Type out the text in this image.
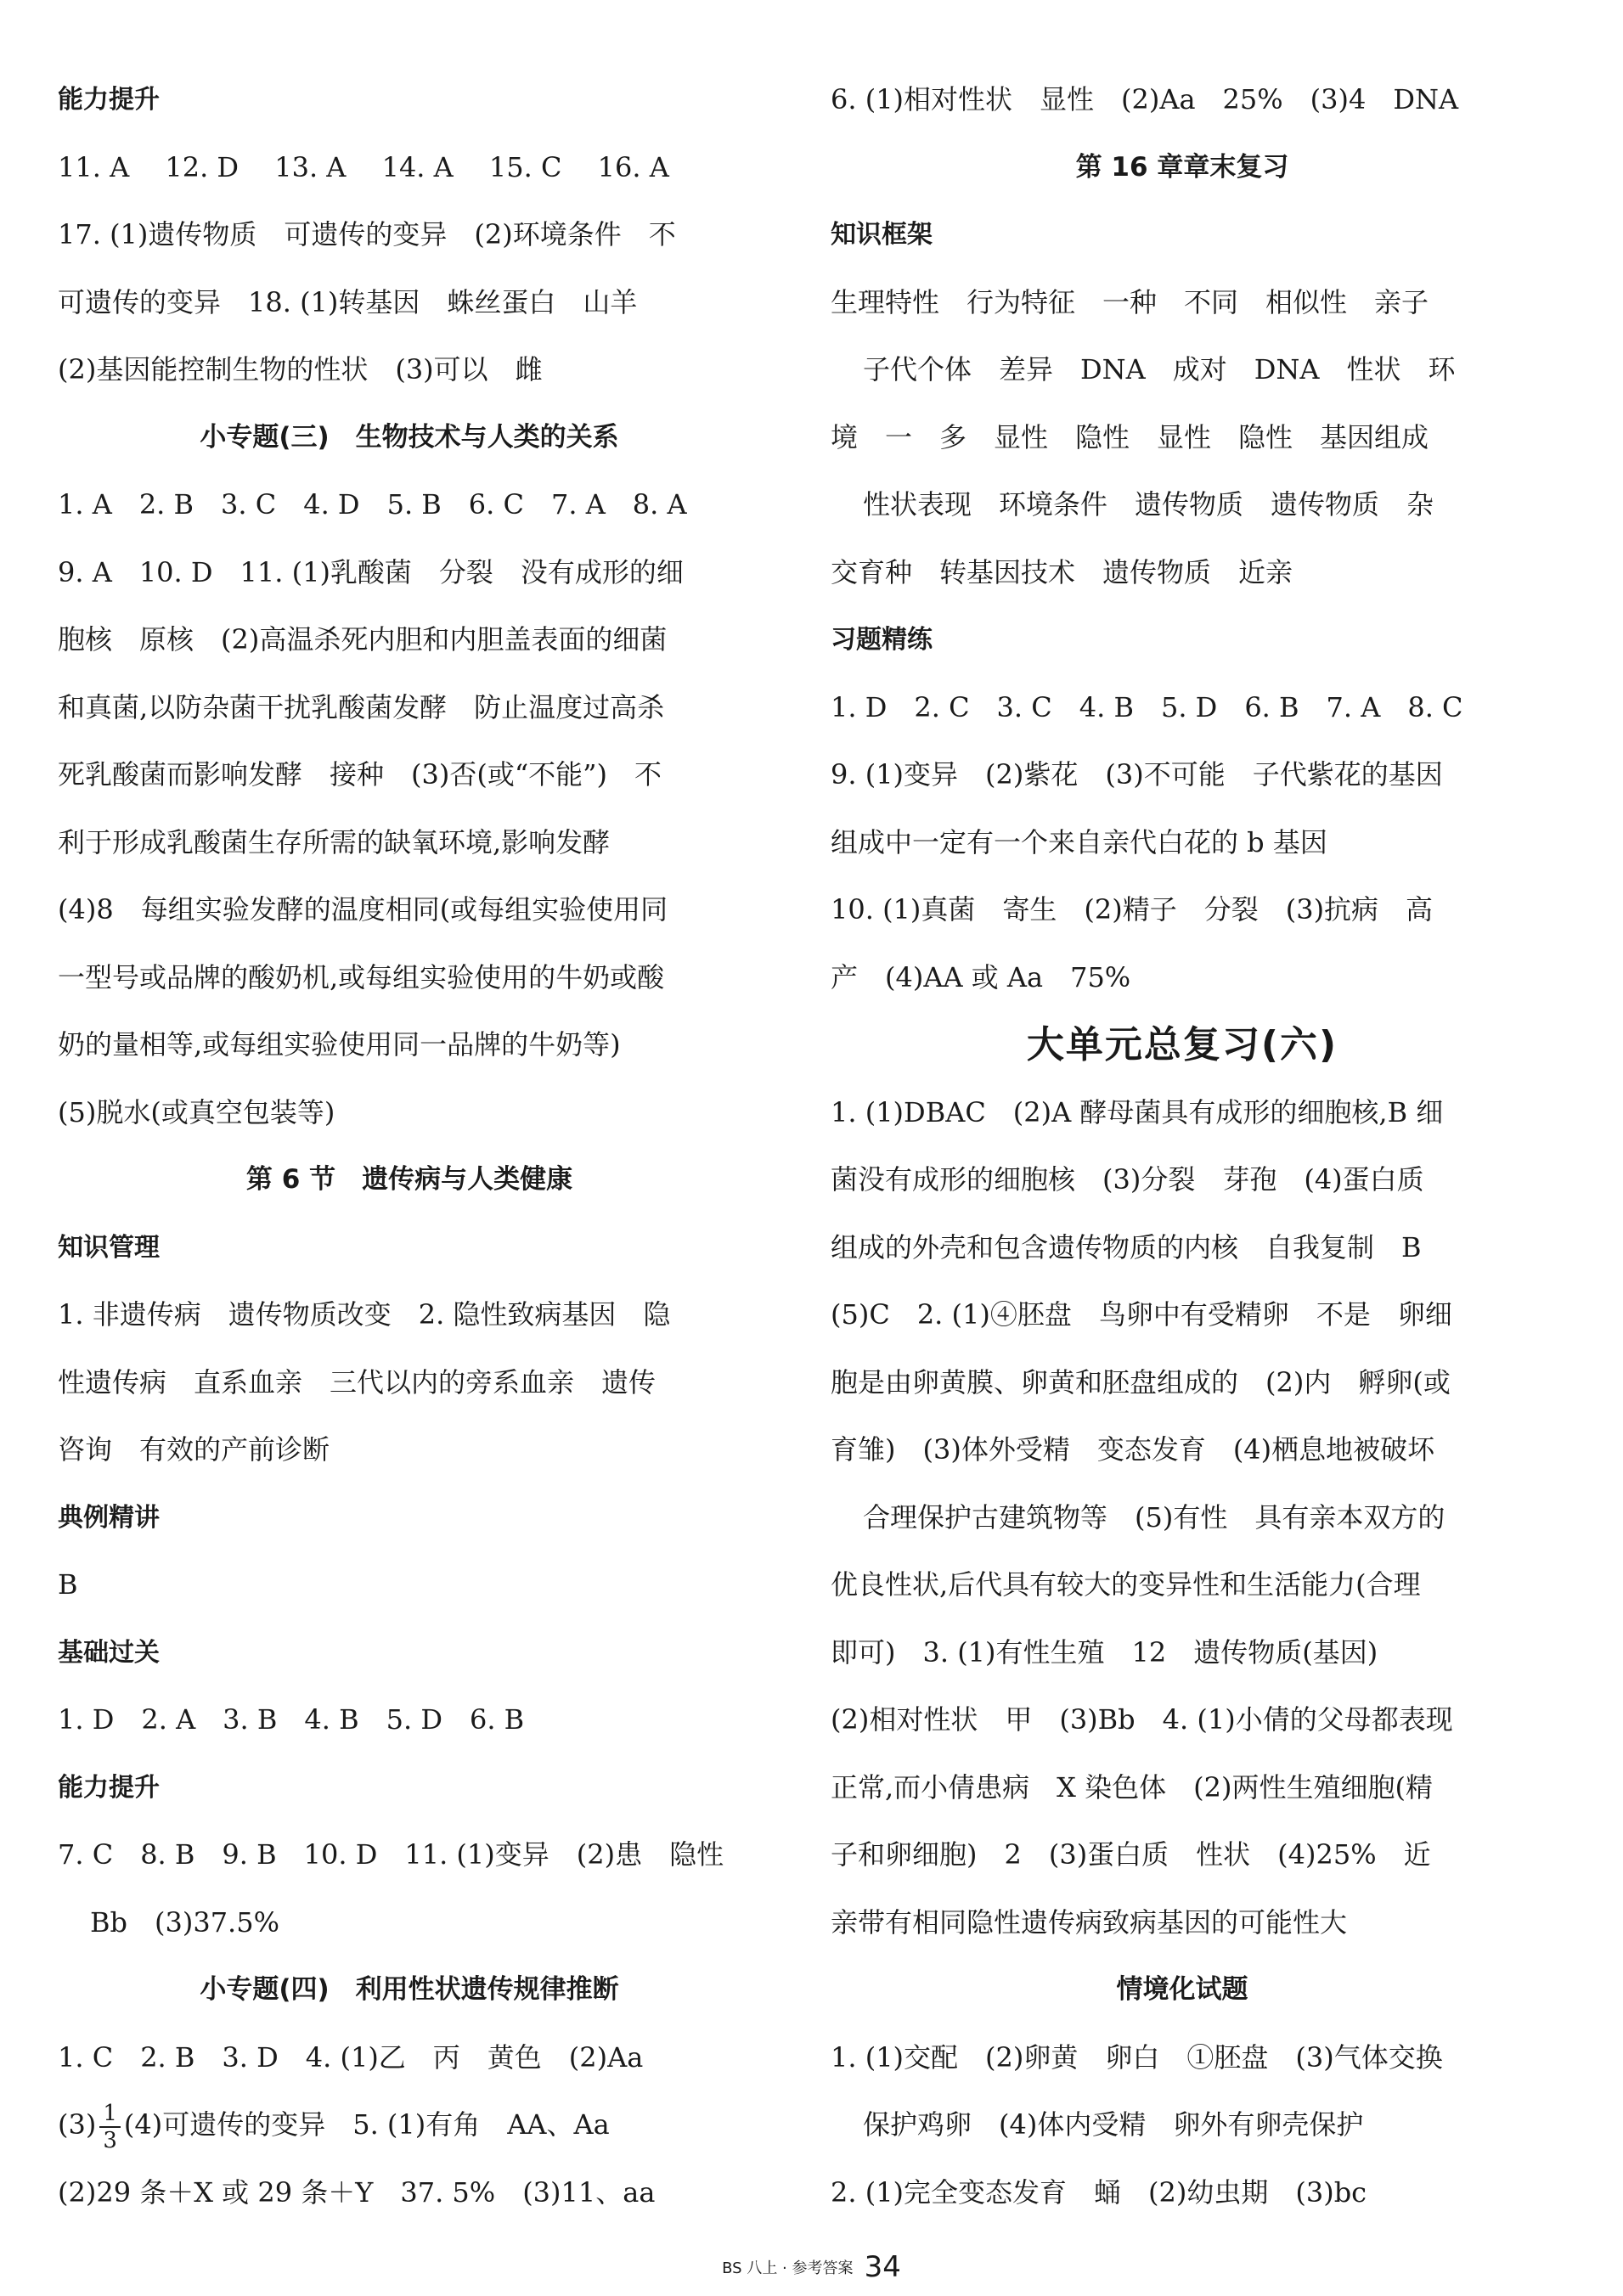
能力提升
11. A　 12. D　 13. A　 14. A　 15. C　 16. A
17. (1)遗传物质　可遗传的变异　(2)环境条件　不
可遗传的变异　18. (1)转基因　蛛丝蛋白　山羊
(2)基因能控制生物的性状　(3)可以　雌
小专题(三)　生物技术与人类的关系
1. A　2. B　3. C　4. D　5. B　6. C　7. A　8. A
9. A　10. D　11. (1)乳酸菌　分裂　没有成形的细
胞核　原核　(2)高温杀死内胆和内胆盖表面的细菌
和真菌,以防杂菌干扰乳酸菌发酵　防止温度过高杀
死乳酸菌而影响发酵　接种　(3)否(或“不能”)　不
利于形成乳酸菌生存所需的缺氧环境,影响发酵
(4)8　每组实验发酵的温度相同(或每组实验使用同
一型号或品牌的酸奶机,或每组实验使用的牛奶或酸
奶的量相等,或每组实验使用同一品牌的牛奶等)
(5)脱水(或真空包装等)
第 6 节　遗传病与人类健康
知识管理
1. 非遗传病　遗传物质改变　2. 隐性致病基因　隐
性遗传病　直系血亲　三代以内的旁系血亲　遗传
咨询　有效的产前诊断
典例精讲
B
基础过关
1. D　2. A　3. B　4. B　5. D　6. B
能力提升
7. C　8. B　9. B　10. D　11. (1)变异　(2)患　隐性
Bb　(3)37.5%
小专题(四)　利用性状遗传规律推断
1. C　2. B　3. D　4. (1)乙　丙　黄色　(2)Aa
$(3) \frac{1}{3} (4)$可遗传的变异　5. (1)有角　AA、Aa
(2)29 条＋X 或 29 条＋Y　37. 5%　(3)11、aa
6. (1)相对性状　显性　(2)Aa　25%　(3)4　DNA
第 16 章章末复习
知识框架
生理特性　行为特征　一种　不同　相似性　亲子
子代个体　差异　DNA　成对　DNA　性状　环
境　一　多　显性　隐性　显性　隐性　基因组成
性状表现　环境条件　遗传物质　遗传物质　杂
交育种　转基因技术　遗传物质　近亲
习题精练
1. D　2. C　3. C　4. B　5. D　6. B　7. A　8. C
9. (1)变异　(2)紫花　(3)不可能　子代紫花的基因
组成中一定有一个来自亲代白花的 b 基因
10. (1)真菌　寄生　(2)精子　分裂　(3)抗病　高
产　(4)AA 或 Aa　75%
大单元总复习(六)
1. (1)DBAC　(2)A 酵母菌具有成形的细胞核,B 细
菌没有成形的细胞核　(3)分裂　芽孢　(4)蛋白质
组成的外壳和包含遗传物质的内核　自我复制　B
(5)C　2. (1)④胚盘　鸟卵中有受精卵　不是　卵细
胞是由卵黄膜、卵黄和胚盘组成的　(2)内　孵卵(或
育雏)　(3)体外受精　变态发育　(4)栖息地被破坏
合理保护古建筑物等　(5)有性　具有亲本双方的
优良性状,后代具有较大的变异性和生活能力(合理
即可)　3. (1)有性生殖　12　遗传物质(基因)
(2)相对性状　甲　(3)Bb　4. (1)小倩的父母都表现
正常,而小倩患病　X 染色体　(2)两性生殖细胞(精
子和卵细胞)　2　(3)蛋白质　性状　(4)25%　近
亲带有相同隐性遗传病致病基因的可能性大
情境化试题
1. (1)交配　(2)卵黄　卵白　①胚盘　(3)气体交换
保护鸡卵　(4)体内受精　卵外有卵壳保护
2. (1)完全变态发育　蛹　(2)幼虫期　(3)bc
BS 八上 · 参考答案 34
